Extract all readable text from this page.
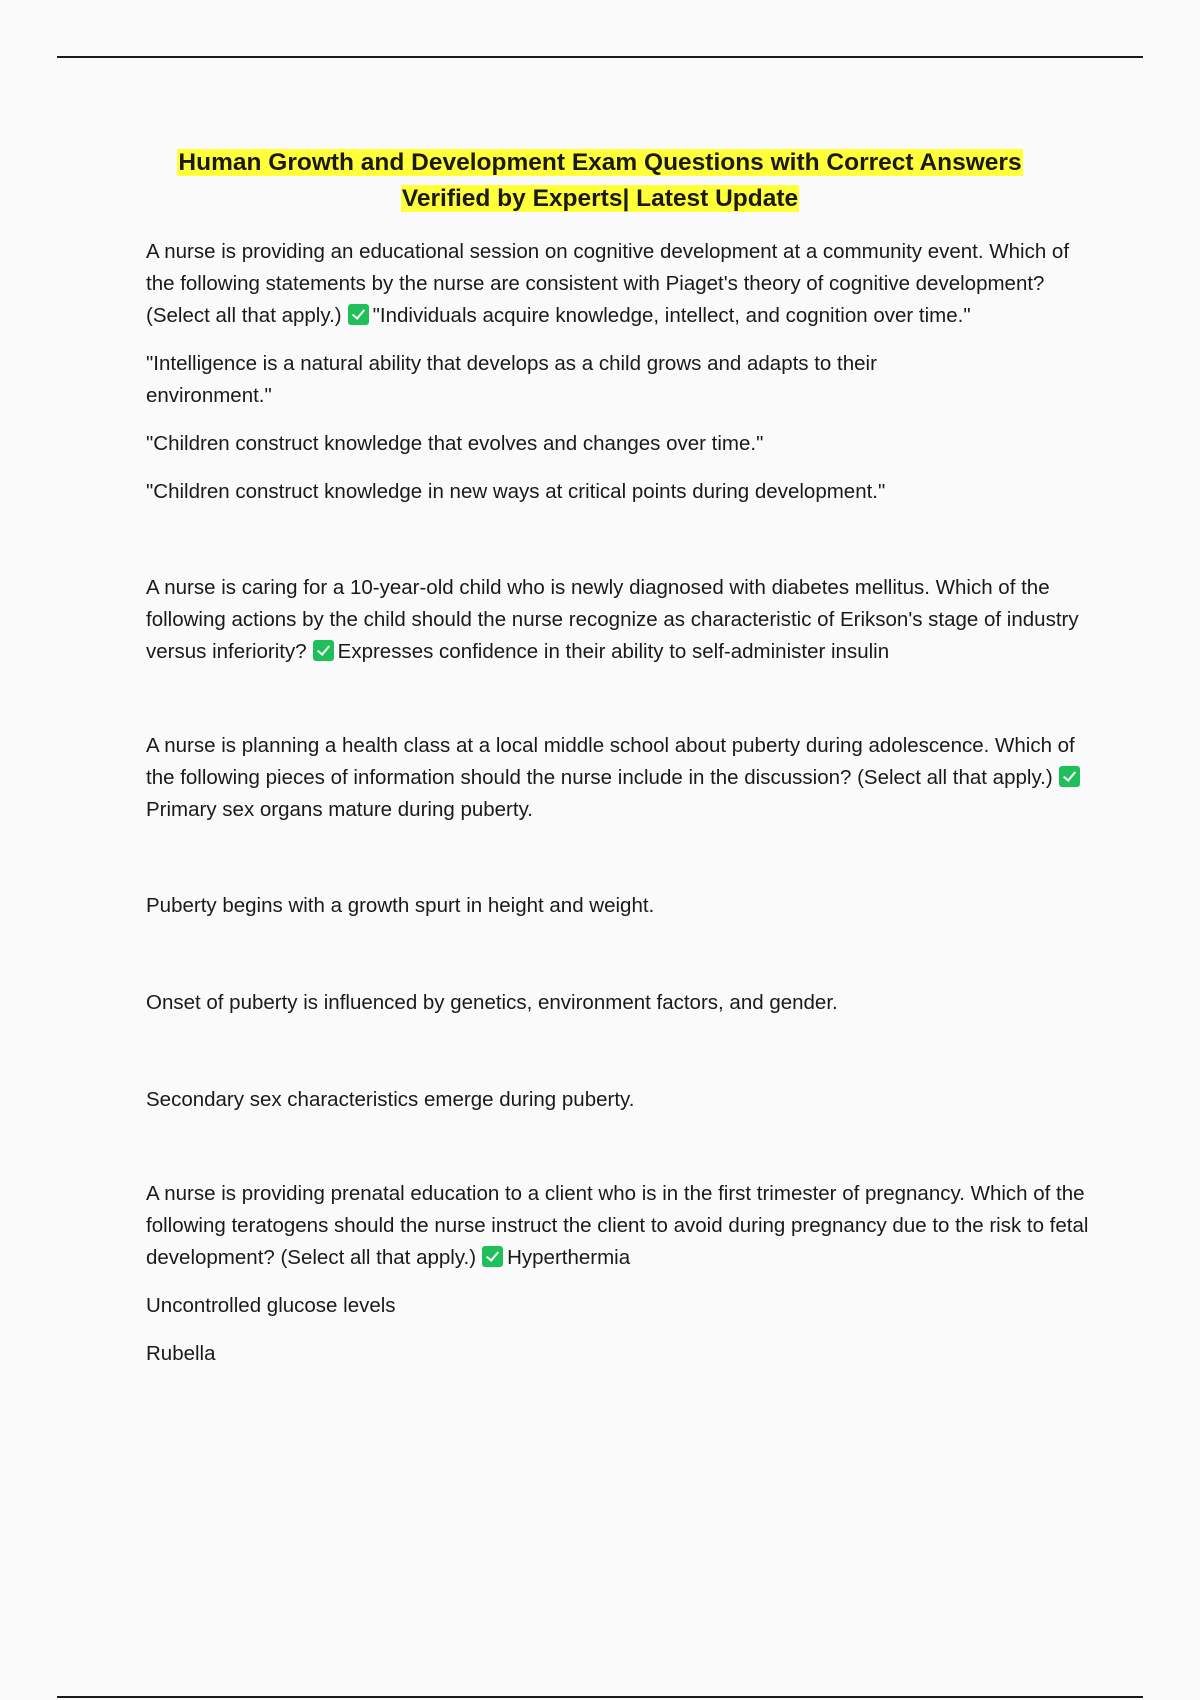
Human Growth and Development Exam Questions with Correct Answers
Verified by Experts| Latest Update

A nurse is providing an educational session on cognitive development at a community event. Which of the following statements by the nurse are consistent with Piaget's theory of cognitive development? (Select all that apply.) "Individuals acquire knowledge, intellect, and cognition over time."

"Intelligence is a natural ability that develops as a child grows and adapts to their environment."

"Children construct knowledge that evolves and changes over time."

"Children construct knowledge in new ways at critical points during development."

A nurse is caring for a 10-year-old child who is newly diagnosed with diabetes mellitus. Which of the following actions by the child should the nurse recognize as characteristic of Erikson's stage of industry versus inferiority? Expresses confidence in their ability to self-administer insulin

A nurse is planning a health class at a local middle school about puberty during adolescence. Which of the following pieces of information should the nurse include in the discussion? (Select all that apply.)Primary sex organs mature during puberty.

Puberty begins with a growth spurt in height and weight.

Onset of puberty is influenced by genetics, environment factors, and gender.

Secondary sex characteristics emerge during puberty.

A nurse is providing prenatal education to a client who is in the first trimester of pregnancy. Which of the following teratogens should the nurse instruct the client to avoid during pregnancy due to the risk to fetal development? (Select all that apply.) Hyperthermia

Uncontrolled glucose levels

Rubella
